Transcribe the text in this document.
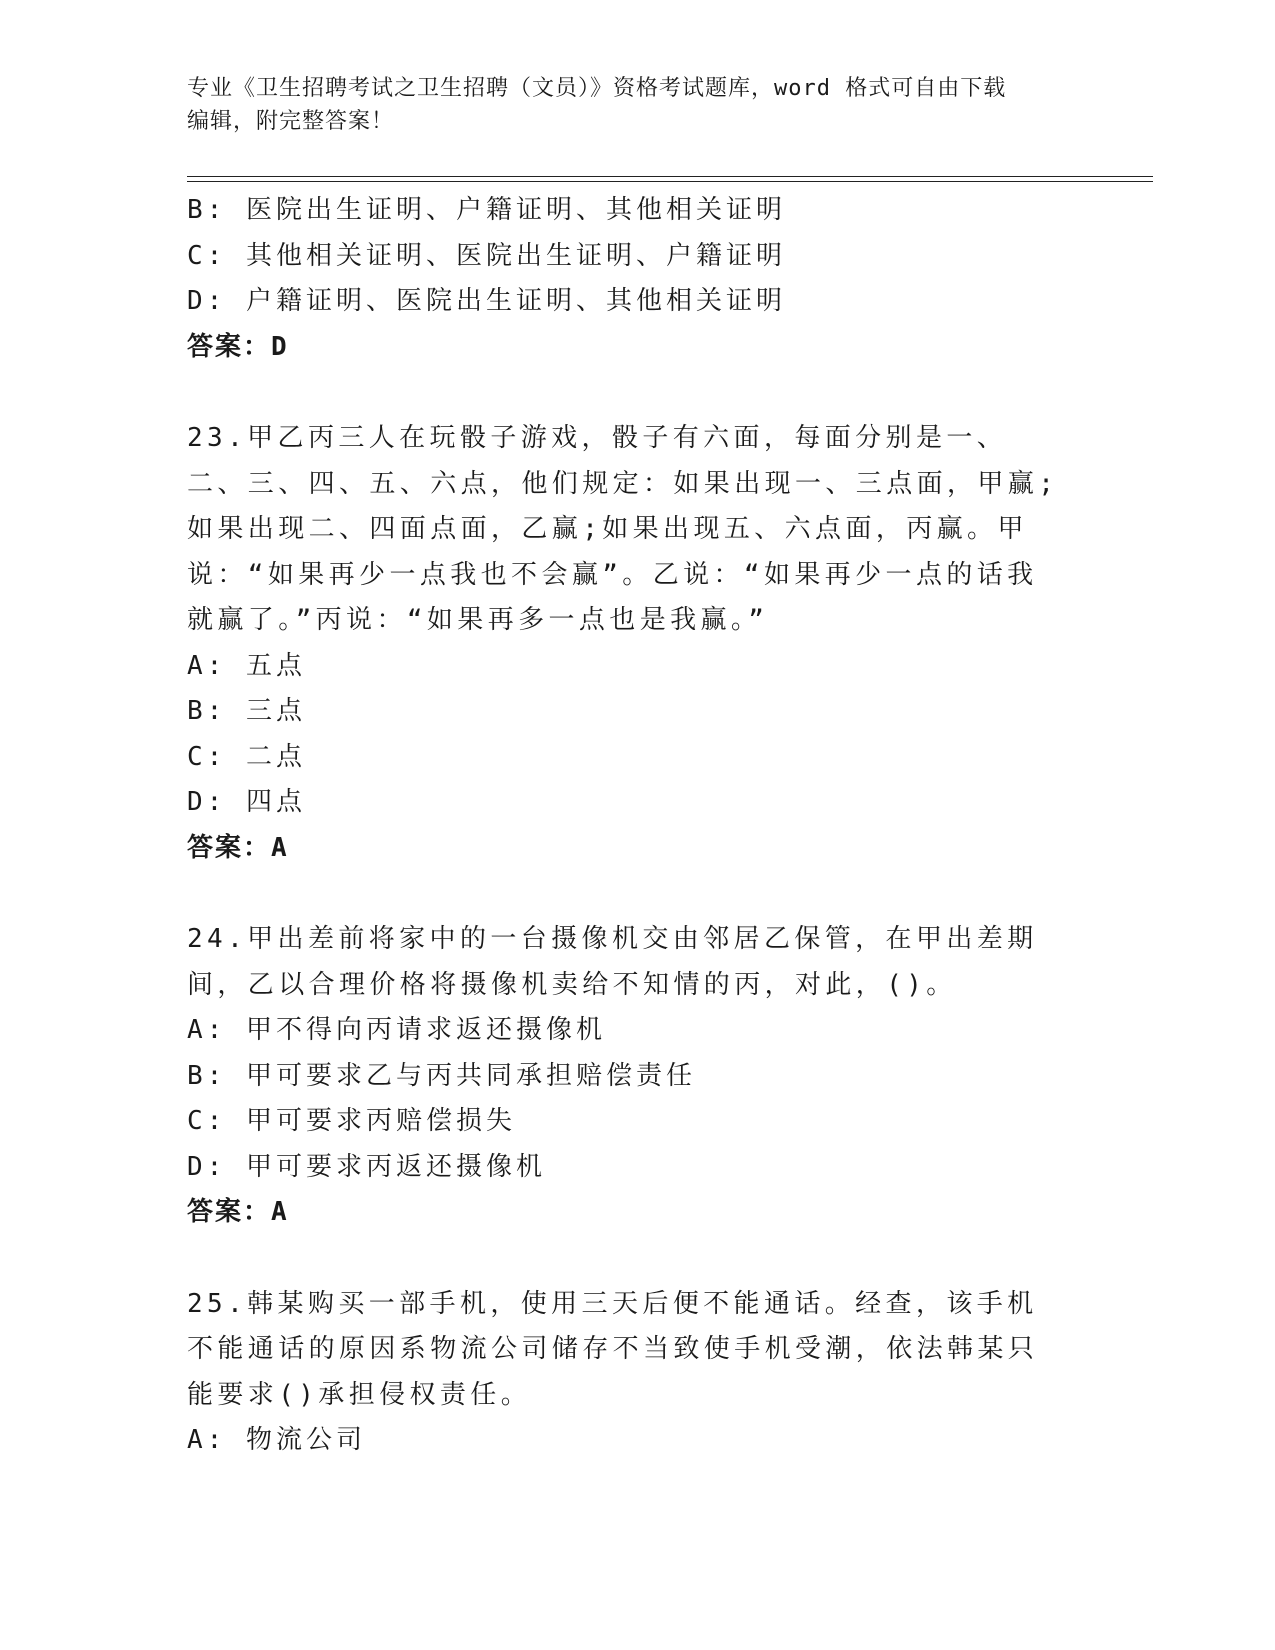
专业《卫生招聘考试之卫生招聘（文员）》资格考试题库，word 格式可自由下载
编辑，附完整答案！
B: 医院出生证明、户籍证明、其他相关证明
C: 其他相关证明、医院出生证明、户籍证明
D: 户籍证明、医院出生证明、其他相关证明
答案：D
23.甲乙丙三人在玩骰子游戏，骰子有六面，每面分别是一、二、三、四、五、六点，他们规定：如果出现一、三点面，甲赢;如果出现二、四面点面，乙赢;如果出现五、六点面，丙赢。甲说：“如果再少一点我也不会赢”。乙说：“如果再少一点的话我就赢了。”丙说：“如果再多一点也是我赢。”
A: 五点
B: 三点
C: 二点
D: 四点
答案：A
24.甲出差前将家中的一台摄像机交由邻居乙保管，在甲出差期间，乙以合理价格将摄像机卖给不知情的丙，对此，()。
A: 甲不得向丙请求返还摄像机
B: 甲可要求乙与丙共同承担赔偿责任
C: 甲可要求丙赔偿损失
D: 甲可要求丙返还摄像机
答案：A
25.韩某购买一部手机，使用三天后便不能通话。经查，该手机不能通话的原因系物流公司储存不当致使手机受潮，依法韩某只能要求()承担侵权责任。
A: 物流公司
